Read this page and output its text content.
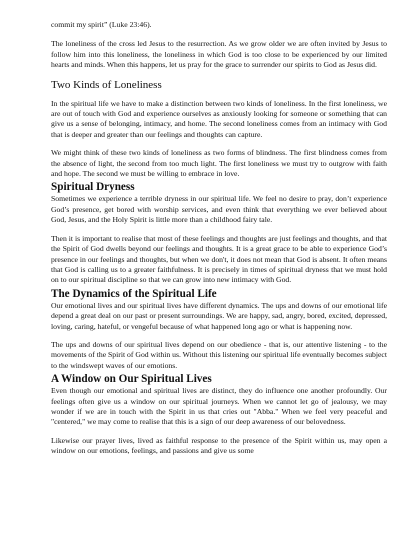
commit my spirit” (Luke 23:46).

The loneliness of the cross led Jesus to the resurrection. As we grow older we are often invited by Jesus to follow him into this loneliness, the loneliness in which God is too close to be experienced by our limited hearts and minds. When this happens, let us pray for the grace to surrender our spirits to God as Jesus did.

Two Kinds of Loneliness

In the spiritual life we have to make a distinction between two kinds of loneliness. In the first loneliness, we are out of touch with God and experience ourselves as anxiously looking for someone or something that can give us a sense of belonging, intimacy, and home. The second loneliness comes from an intimacy with God that is deeper and greater than our feelings and thoughts can capture.

We might think of these two kinds of loneliness as two forms of blindness. The first blindness comes from the absence of light, the second from too much light. The first loneliness we must try to outgrow with faith and hope. The second we must be willing to embrace in love.

Spiritual Dryness

Sometimes we experience a terrible dryness in our spiritual life. We feel no desire to pray, don’t experience God’s presence, get bored with worship services, and even think that everything we ever believed about God, Jesus, and the Holy Spirit is little more than a childhood fairy tale.

Then it is important to realise that most of these feelings and thoughts are just feelings and thoughts, and that the Spirit of God dwells beyond our feelings and thoughts. It is a great grace to be able to experience God’s presence in our feelings and thoughts, but when we don't, it does not mean that God is absent. It often means that God is calling us to a greater faithfulness. It is precisely in times of spiritual dryness that we must hold on to our spiritual discipline so that we can grow into new intimacy with God.

The Dynamics of the Spiritual Life

Our emotional lives and our spiritual lives have different dynamics. The ups and downs of our emotional life depend a great deal on our past or present surroundings. We are happy, sad, angry, bored, excited, depressed, loving, caring, hateful, or vengeful because of what happened long ago or what is happening now.

The ups and downs of our spiritual lives depend on our obedience - that is, our attentive listening - to the movements of the Spirit of God within us. Without this listening our spiritual life eventually becomes subject to the windswept waves of our emotions.

A Window on Our Spiritual Lives

Even though our emotional and spiritual lives are distinct, they do influence one another profoundly. Our feelings often give us a window on our spiritual journeys. When we cannot let go of jealousy, we may wonder if we are in touch with the Spirit in us that cries out "Abba." When we feel very peaceful and "centered," we may come to realise that this is a sign of our deep awareness of our belovedness.

Likewise our prayer lives, lived as faithful response to the presence of the Spirit within us, may open a window on our emotions, feelings, and passions and give us some
